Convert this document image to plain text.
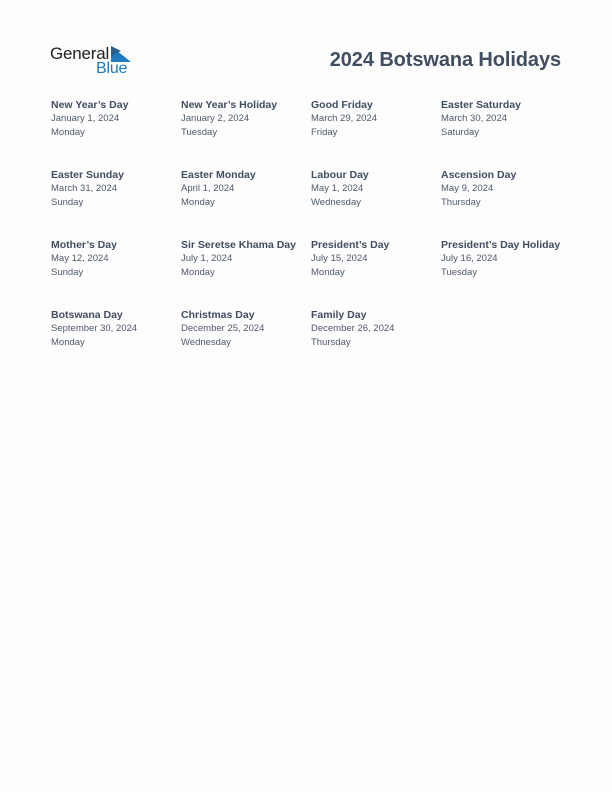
General
Blue	2024 Botswana Holidays
New Year’s Day
January 1, 2024
Monday
New Year’s Holiday
January 2, 2024
Tuesday
Good Friday
March 29, 2024
Friday
Easter Saturday
March 30, 2024
Saturday
Easter Sunday
March 31, 2024
Sunday
Easter Monday
April 1, 2024
Monday
Labour Day
May 1, 2024
Wednesday
Ascension Day
May 9, 2024
Thursday
Mother’s Day
May 12, 2024
Sunday
Sir Seretse Khama Day
July 1, 2024
Monday
President’s Day
July 15, 2024
Monday
President’s Day Holiday
July 16, 2024
Tuesday
Botswana Day
September 30, 2024
Monday
Christmas Day
December 25, 2024
Wednesday
Family Day
December 26, 2024
Thursday
